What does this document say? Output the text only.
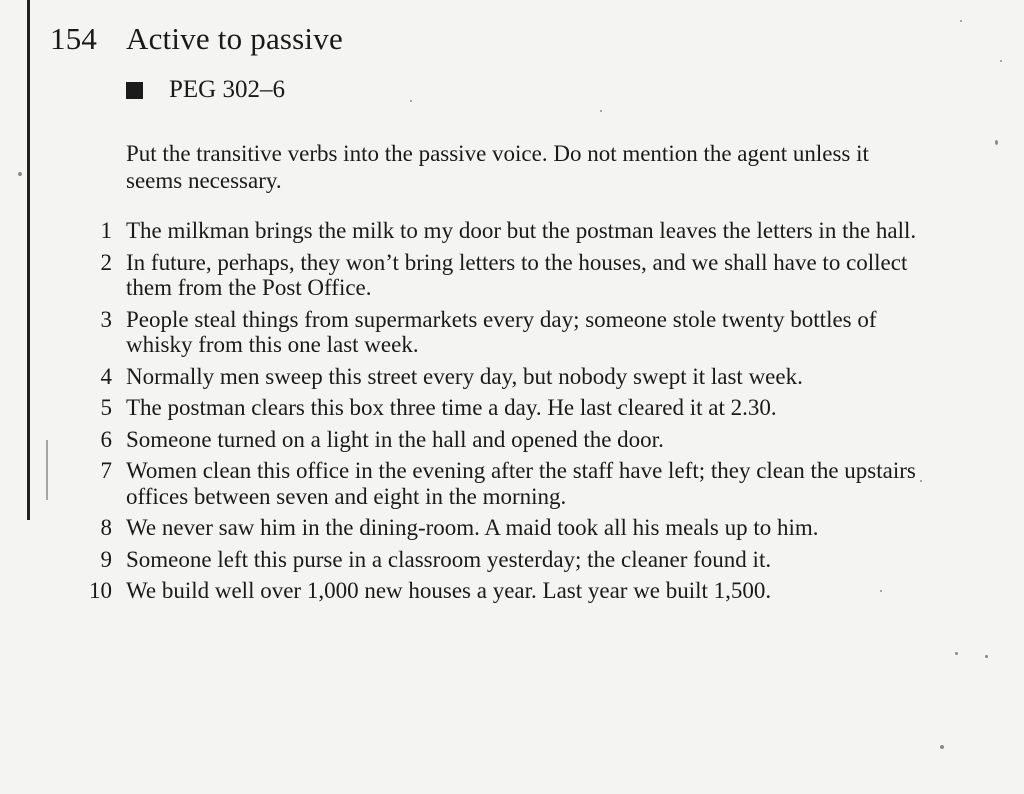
154 Active to passive
PEG 302–6
Put the transitive verbs into the passive voice. Do not mention the agent unless it seems necessary.
1 The milkman brings the milk to my door but the postman leaves the letters in the hall.
2 In future, perhaps, they won’t bring letters to the houses, and we shall have to collect them from the Post Office.
3 People steal things from supermarkets every day; someone stole twenty bottles of whisky from this one last week.
4 Normally men sweep this street every day, but nobody swept it last week.
5 The postman clears this box three time a day. He last cleared it at 2.30.
6 Someone turned on a light in the hall and opened the door.
7 Women clean this office in the evening after the staff have left; they clean the upstairs offices between seven and eight in the morning.
8 We never saw him in the dining-room. A maid took all his meals up to him.
9 Someone left this purse in a classroom yesterday; the cleaner found it.
10 We build well over 1,000 new houses a year. Last year we built 1,500.
